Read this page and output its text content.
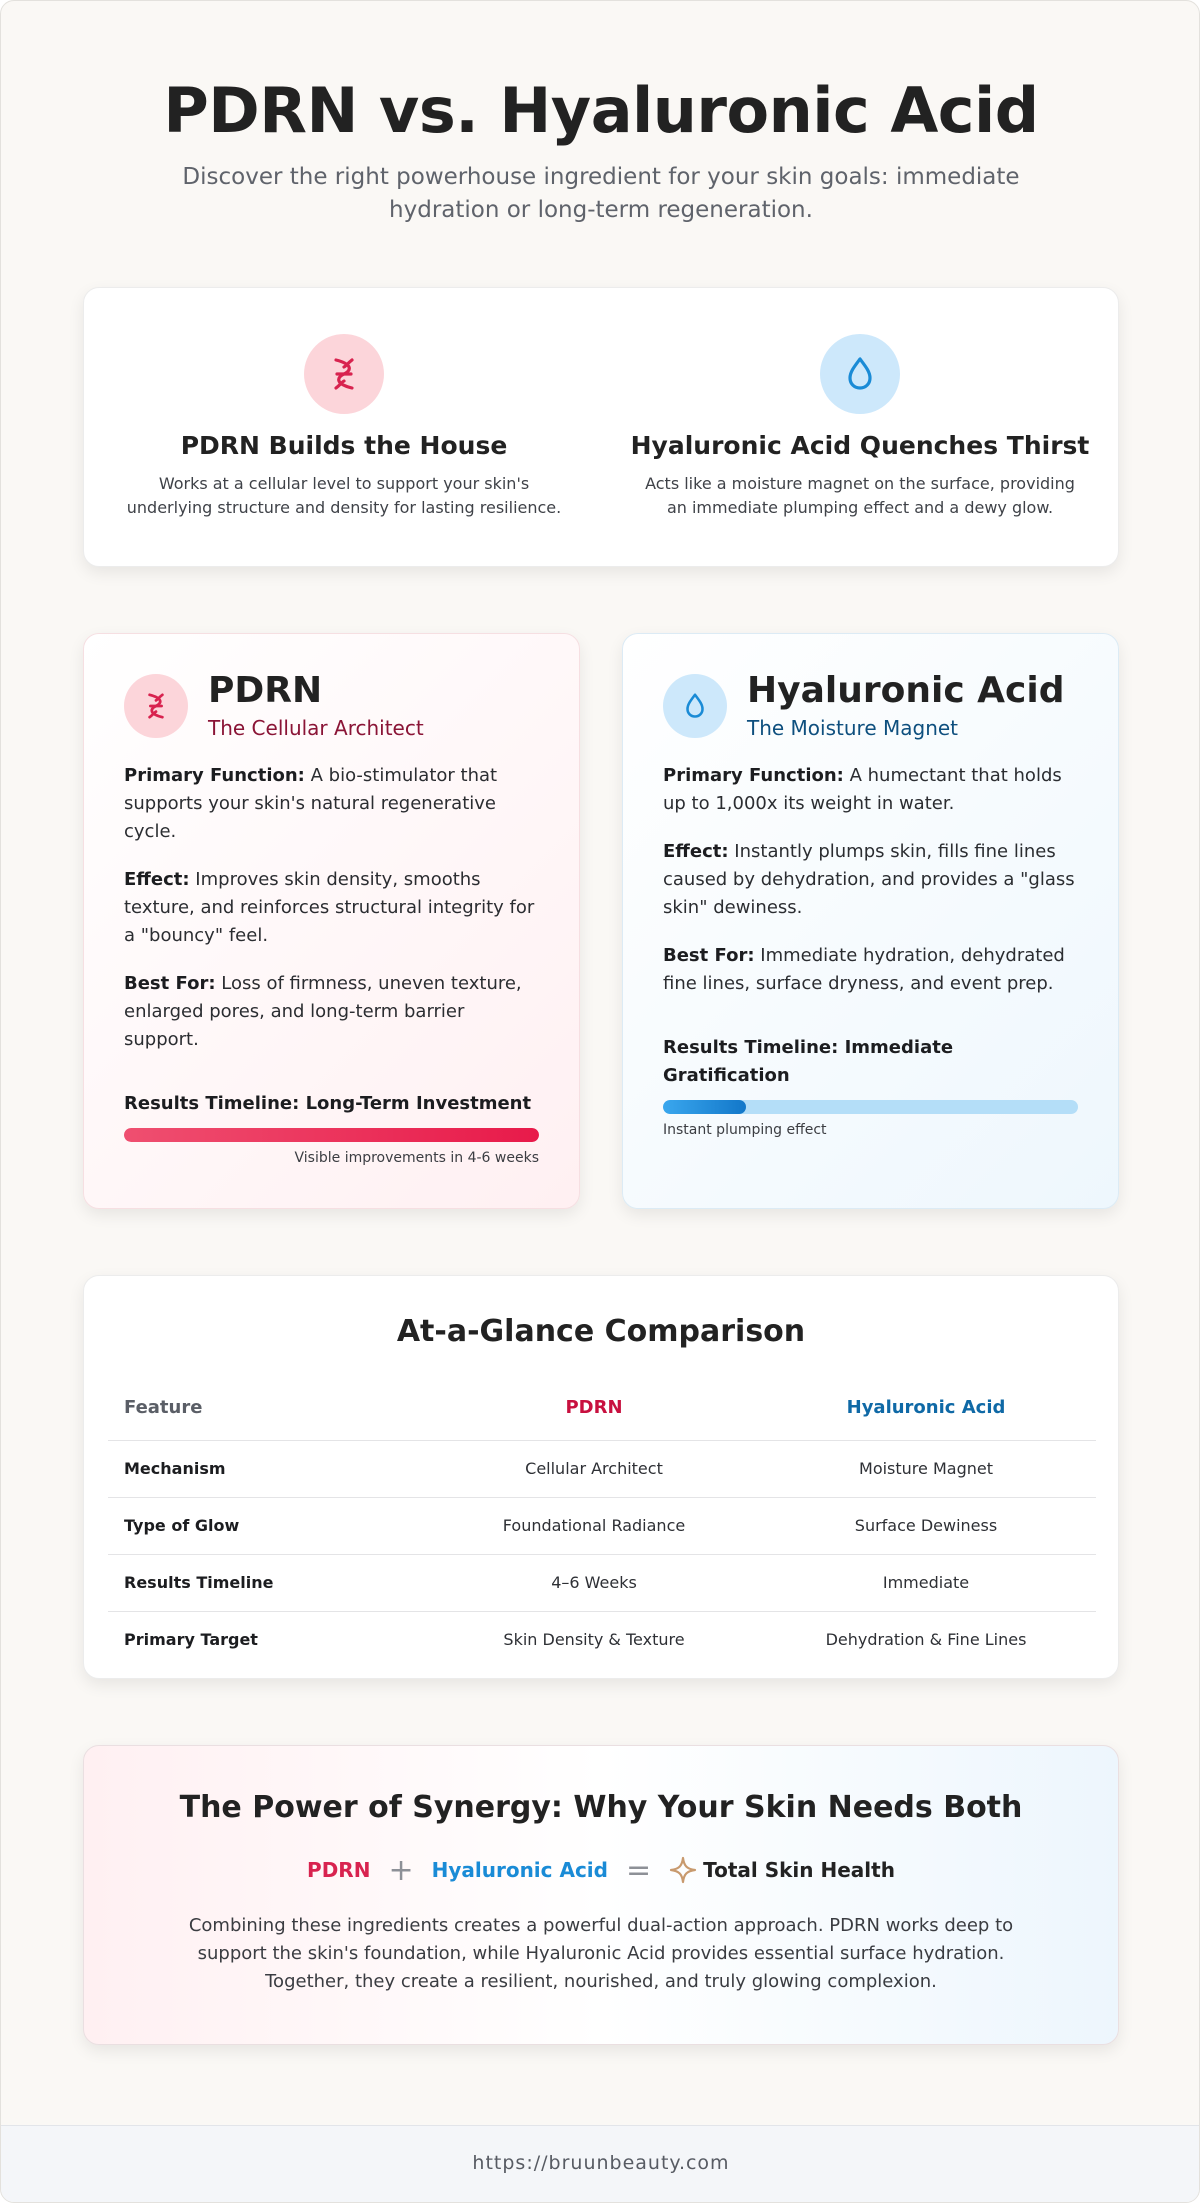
PDRN vs. Hyaluronic Acid

Discover the right powerhouse ingredient for your skin goals: immediate hydration or long-term regeneration.

PDRN Builds the House
Works at a cellular level to support your skin's underlying structure and density for lasting resilience.
Hyaluronic Acid Quenches Thirst
Acts like a moisture magnet on the surface, providing an immediate plumping effect and a dewy glow.
PDRN
The Cellular Architect

Primary Function: A bio-stimulator that supports your skin's natural regenerative cycle.

Effect: Improves skin density, smooths texture, and reinforces structural integrity for a "bouncy" feel.

Best For: Loss of firmness, uneven texture, enlarged pores, and long-term barrier support.

Results Timeline: Long-Term Investment
Visible improvements in 4-6 weeks
Hyaluronic Acid
The Moisture Magnet

Primary Function: A humectant that holds up to 1,000x its weight in water.

Effect: Instantly plumps skin, fills fine lines caused by dehydration, and provides a "glass skin" dewiness.

Best For: Immediate hydration, dehydrated fine lines, surface dryness, and event prep.

Results Timeline: Immediate Gratification
Instant plumping effect
At-a-Glance Comparison
Feature	PDRN	Hyaluronic Acid
Mechanism	Cellular Architect	Moisture Magnet
Type of Glow	Foundational Radiance	Surface Dewiness
Results Timeline	4–6 Weeks	Immediate
Primary Target	Skin Density & Texture	Dehydration & Fine Lines
The Power of Synergy: Why Your Skin Needs Both
PDRN + Hyaluronic Acid =	Total Skin Health

Combining these ingredients creates a powerful dual-action approach. PDRN works deep to support the skin's foundation, while Hyaluronic Acid provides essential surface hydration. Together, they create a resilient, nourished, and truly glowing complexion.

https://bruunbeauty.com
